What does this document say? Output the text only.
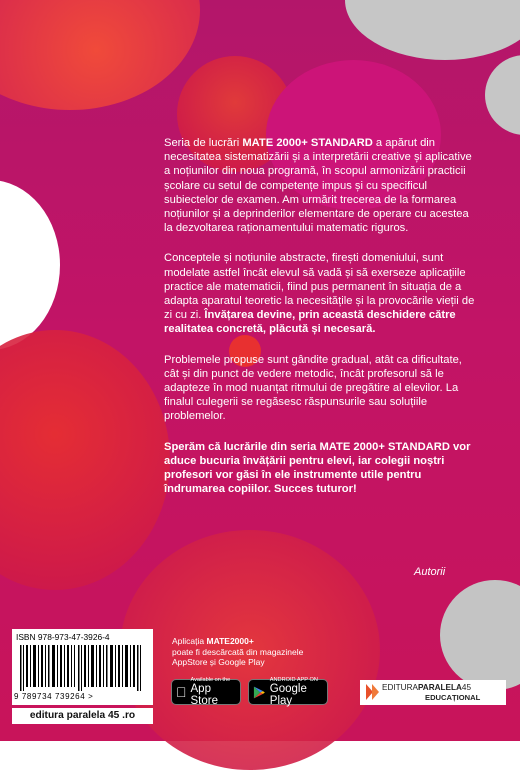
Seria de lucrări MATE 2000+ STANDARD a apărut din necesitatea sistematizării și a interpretării creative și aplicative a noțiunilor din noua programă, în scopul armonizării practicii școlare cu setul de competențe impus și cu specificul subiectelor de examen. Am urmărit trecerea de la formarea noțiunilor și a deprinderilor elementare de operare cu acestea la dezvoltarea raționamentului matematic riguros.

Conceptele și noțiunile abstracte, firești domeniului, sunt modelate astfel încât elevul să vadă și să exerseze aplicațiile practice ale matematicii, fiind pus permanent în situația de a adapta aparatul teoretic la necesitățile și la provocările vieții de zi cu zi. Învățarea devine, prin această deschidere către realitatea concretă, plăcută și necesară.

Problemele propuse sunt gândite gradual, atât ca dificultate, cât și din punct de vedere metodic, încât profesorul să le adapteze în mod nuanțat ritmului de pregătire al elevilor. La finalul culegerii se regăsesc răspunsurile sau soluțiile problemelor.

Sperăm că lucrările din seria MATE 2000+ STANDARD vor aduce bucuria învățării pentru elevi, iar colegii noștri profesori vor găsi în ele instrumente utile pentru îndrumarea copiilor. Succes tuturor!

Autorii
ISBN 978-973-47-3926-4
9 789734 739264 >
editura paralela 45 .ro
Aplicația MATE2000+
poate fi descărcată din magazinele
AppStore și Google Play
Available on the
App Store
ANDROID APP ON
Google Play
EDITURAPARALELA45
EDUCAȚIONAL
